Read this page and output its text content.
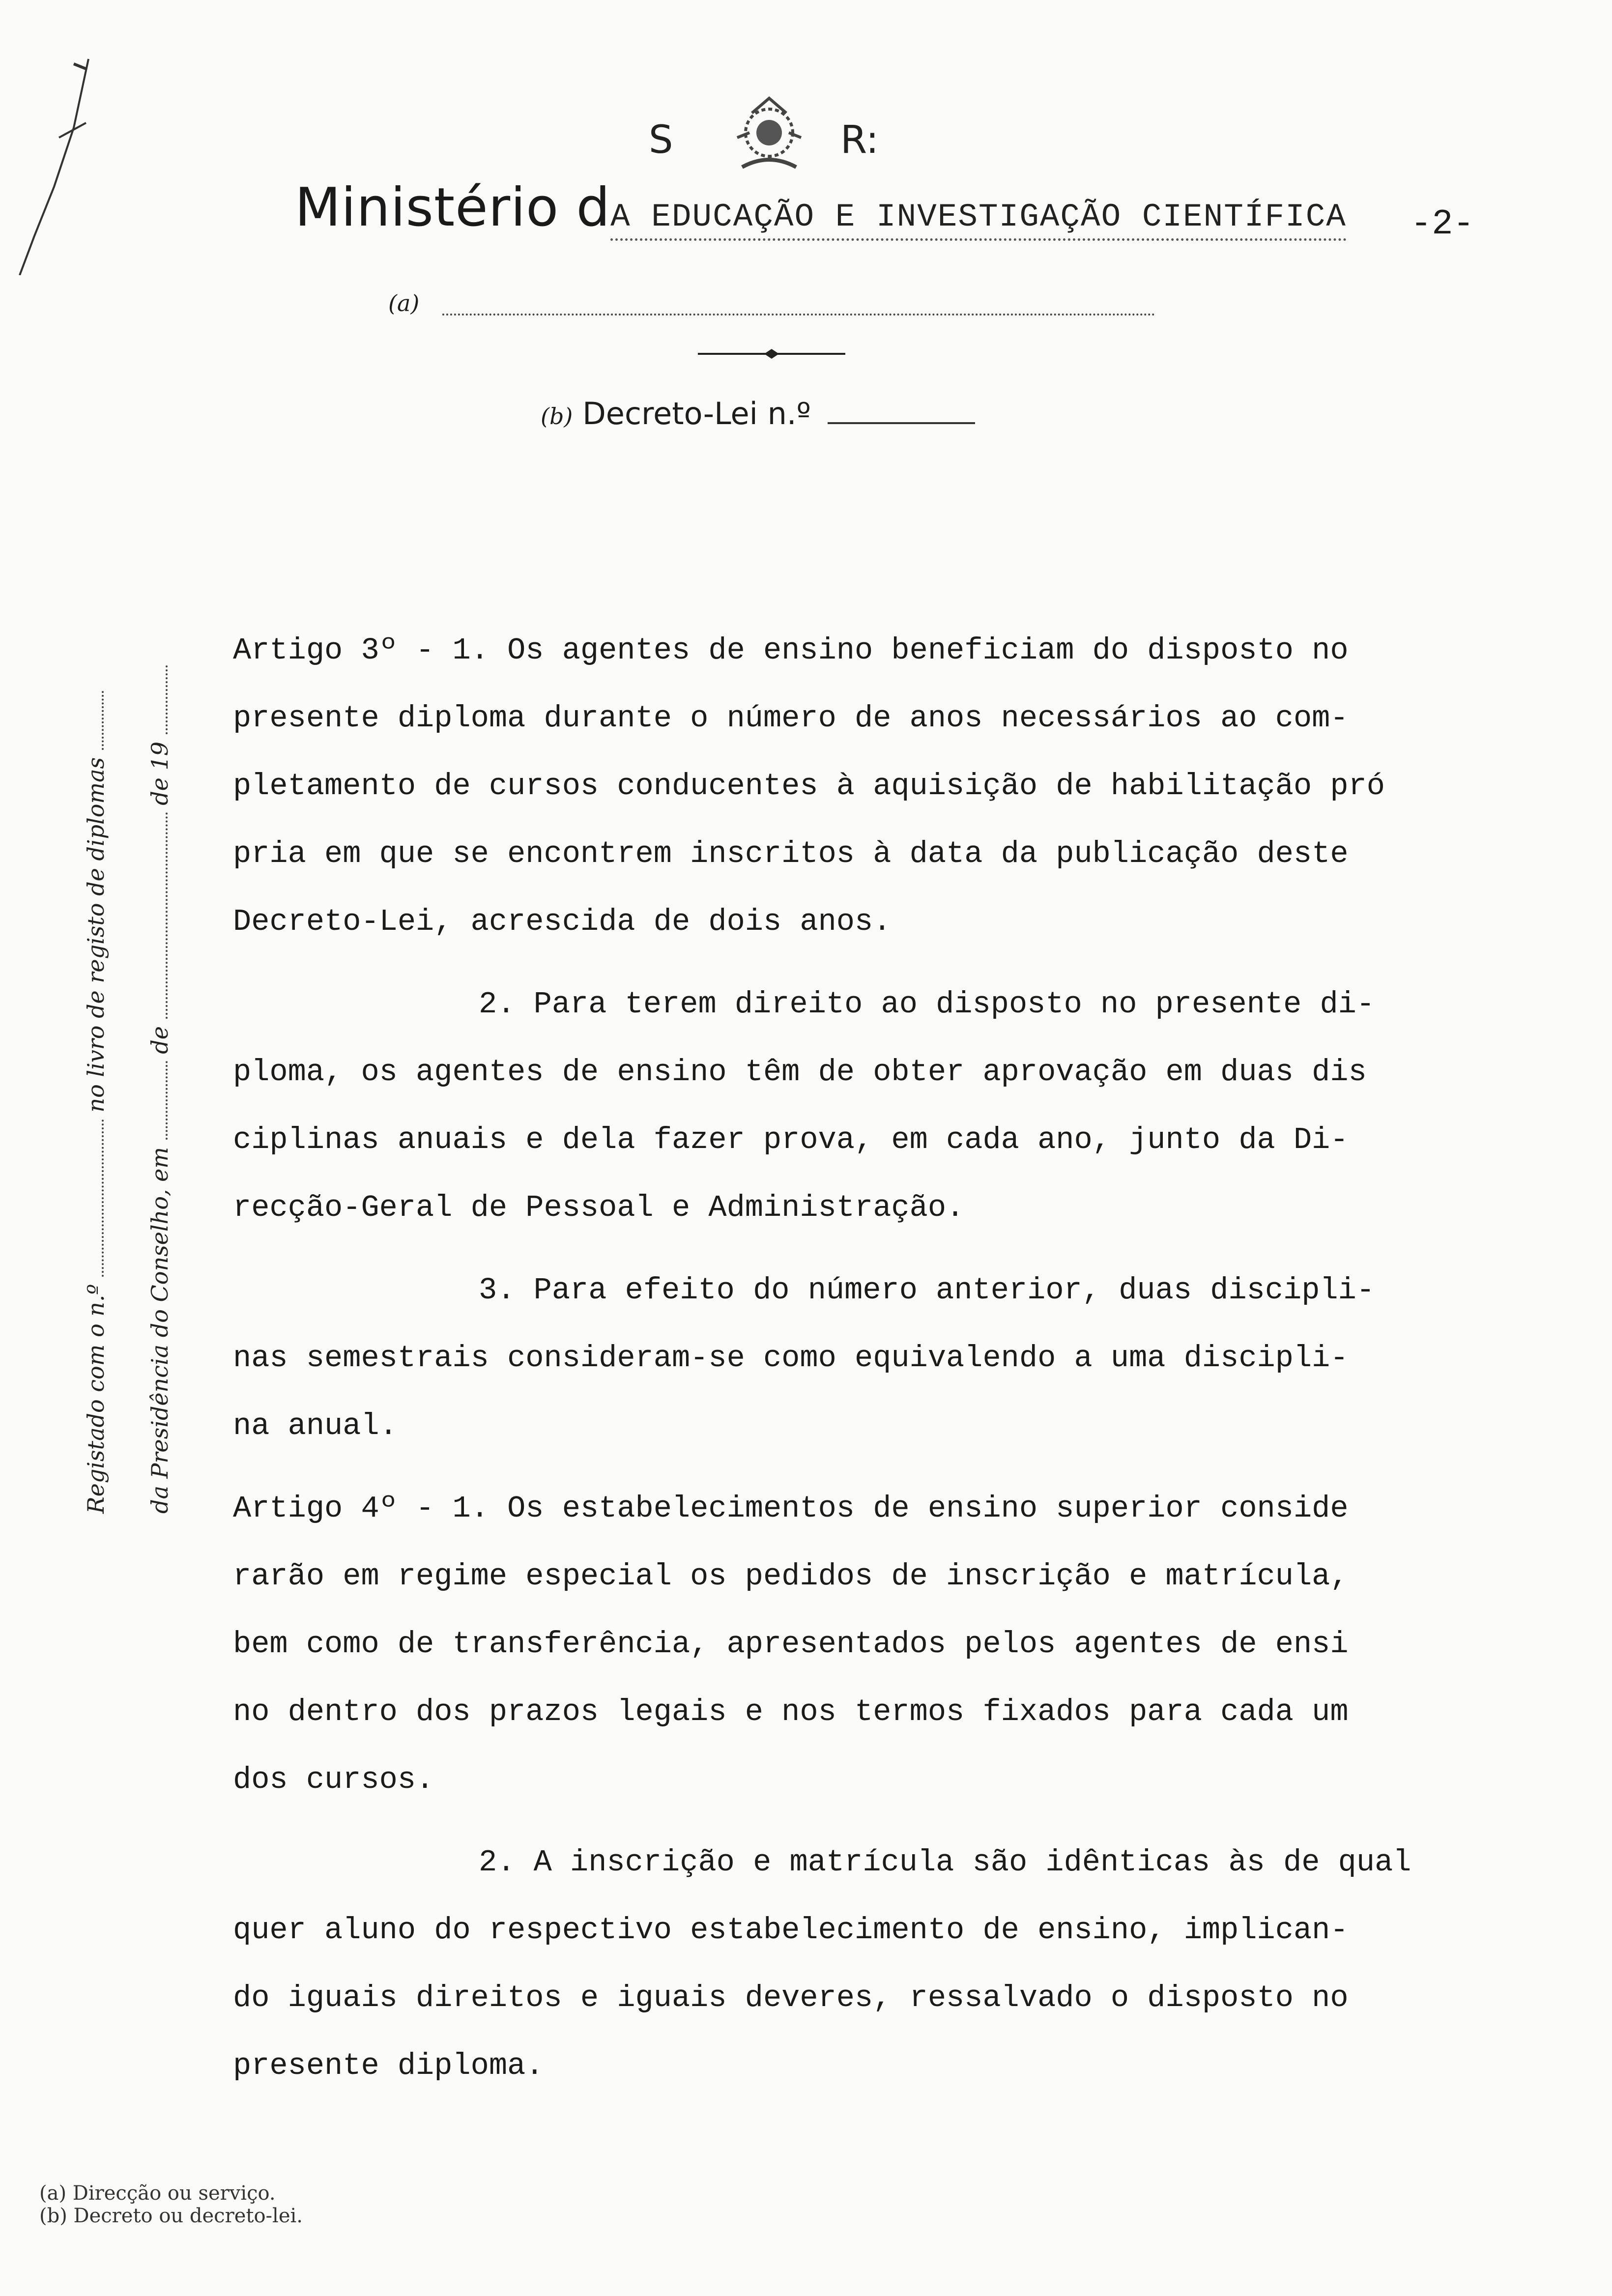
S	R:
Ministério dA EDUCAÇÃO E INVESTIGAÇÃO CIENTÍFICA	-2-
(a)
(b) Decreto-Lei n.º
Registado com o n.º  no livro de registo de diplomas
da Presidência do Conselho, em  de  de 19
Artigo 3º - 1. Os agentes de ensino beneficiam do disposto no
presente diploma durante o número de anos necessários ao com-
pletamento de cursos conducentes à aquisição de habilitação pró
pria em que se encontrem inscritos à data da publicação deste
Decreto-Lei, acrescida de dois anos.
2. Para terem direito ao disposto no presente di-
ploma, os agentes de ensino têm de obter aprovação em duas dis
ciplinas anuais e dela fazer prova, em cada ano, junto da Di-
recção-Geral de Pessoal e Administração.
3. Para efeito do número anterior, duas discipli-
nas semestrais consideram-se como equivalendo a uma discipli-
na anual.
Artigo 4º - 1. Os estabelecimentos de ensino superior conside
rarão em regime especial os pedidos de inscrição e matrícula,
bem como de transferência, apresentados pelos agentes de ensi
no dentro dos prazos legais e nos termos fixados para cada um
dos cursos.
2. A inscrição e matrícula são idênticas às de qual
quer aluno do respectivo estabelecimento de ensino, implican-
do iguais direitos e iguais deveres, ressalvado o disposto no
presente diploma.
(a) Direcção ou serviço.
(b) Decreto ou decreto-lei.
